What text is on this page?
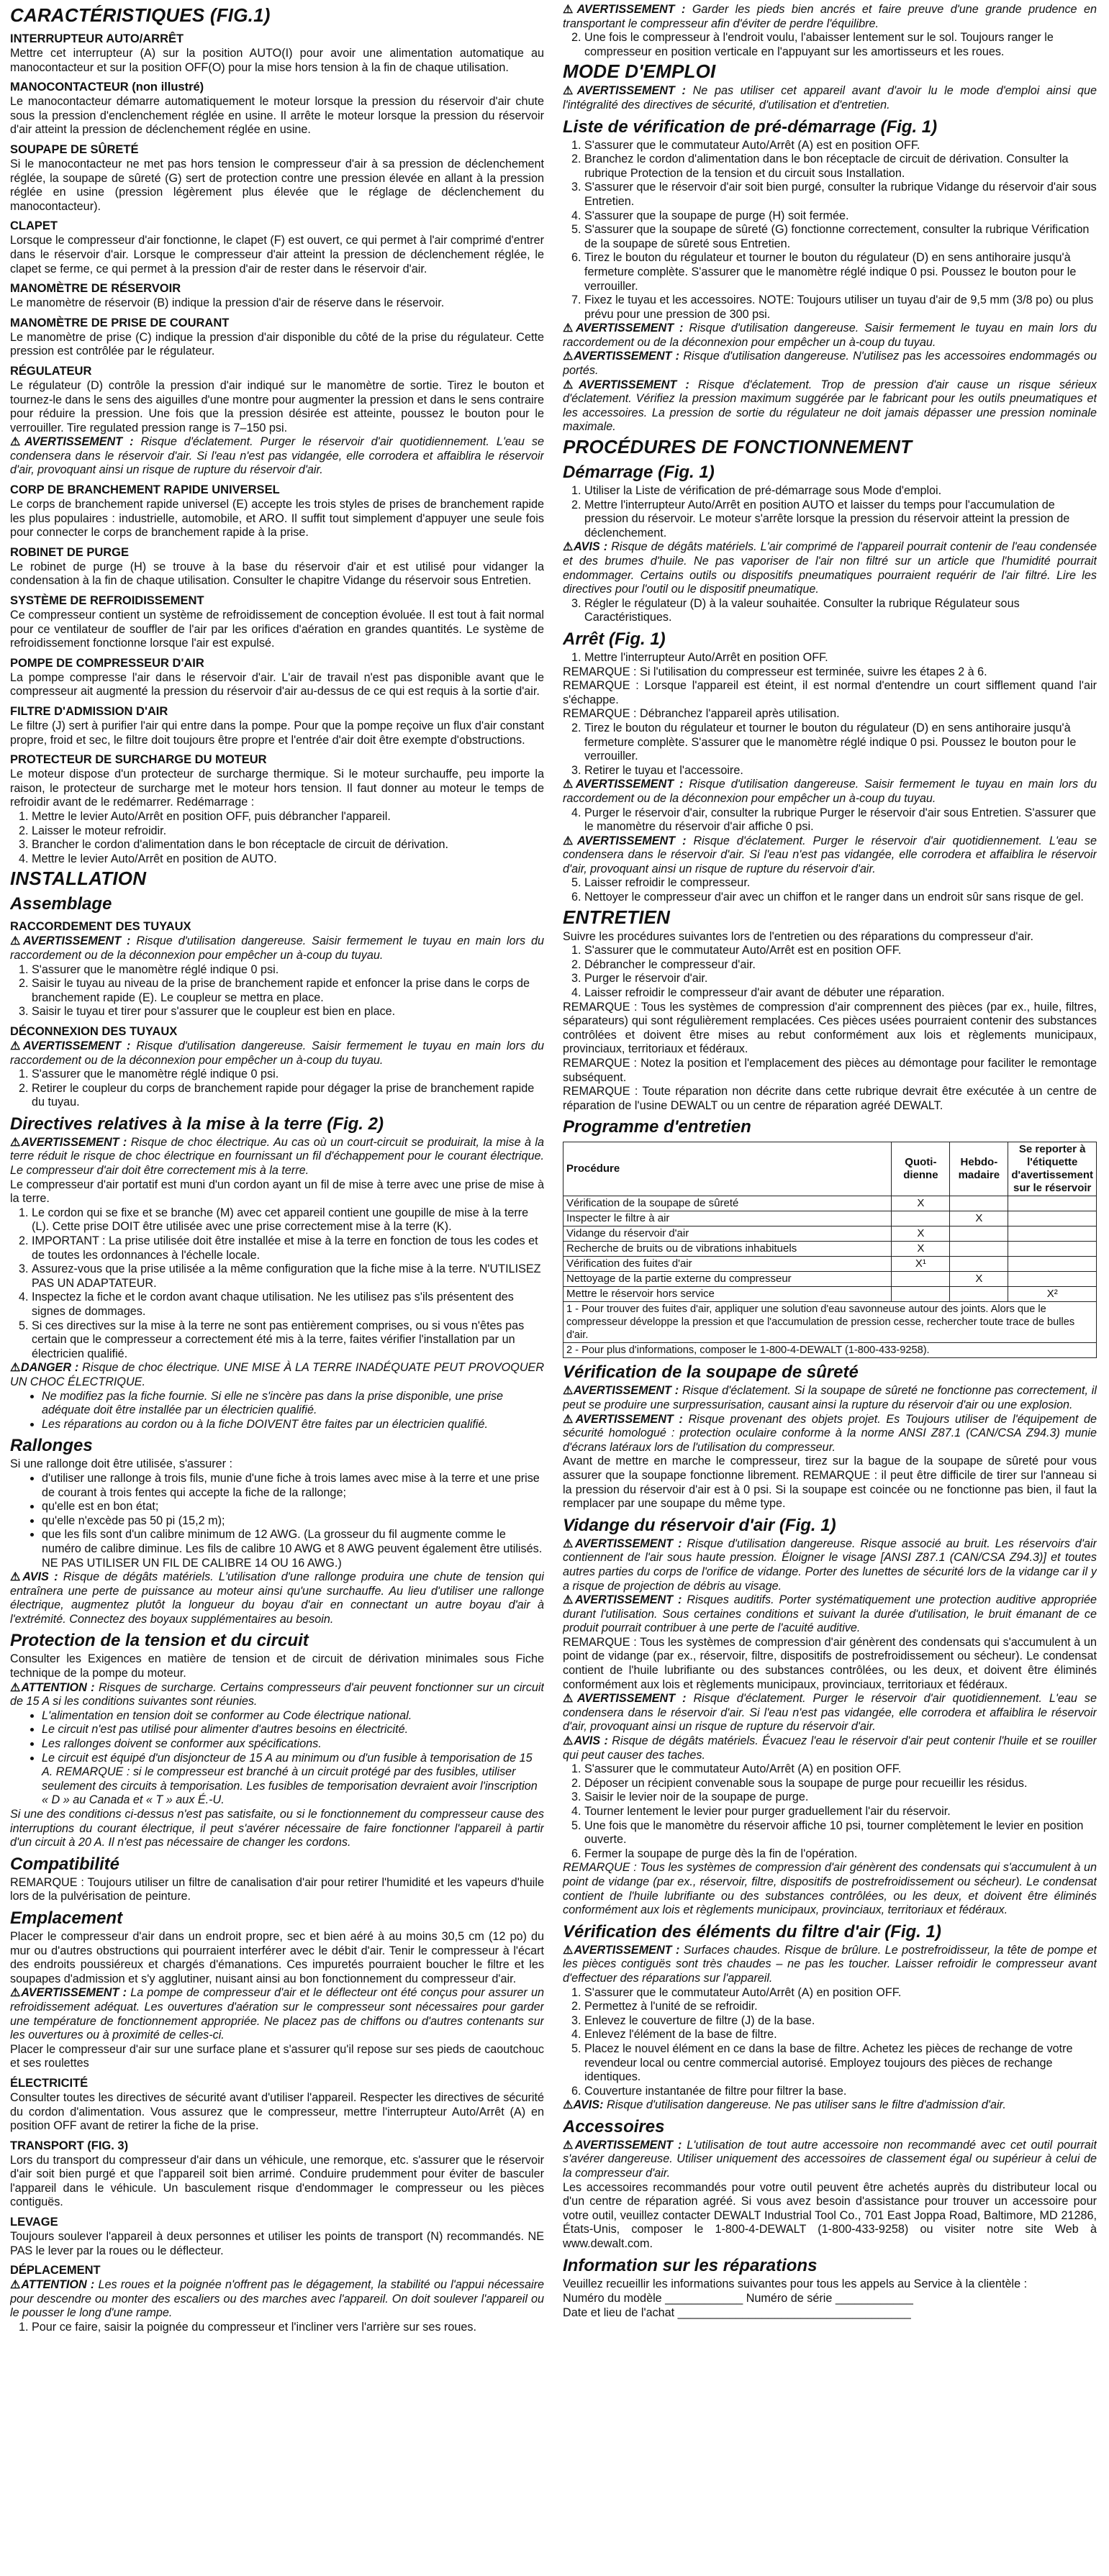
CARACTÉRISTIQUES (FIG.1)
INTERRUPTEUR AUTO/ARRÊT

Mettre cet interrupteur (A) sur la position AUTO(I) pour avoir une alimentation automatique au manocontacteur et sur la position OFF(O) pour la mise hors tension à la fin de chaque utilisation.

MANOCONTACTEUR (non illustré)

Le manocontacteur démarre automatiquement le moteur lorsque la pression du réservoir d'air chute sous la pression d'enclenchement réglée en usine. Il arrête le moteur lorsque la pression du réservoir d'air atteint la pression de déclenchement réglée en usine.

SOUPAPE DE SÛRETÉ

Si le manocontacteur ne met pas hors tension le compresseur d'air à sa pression de déclenchement réglée, la soupape de sûreté (G) sert de protection contre une pression élevée en allant à la pression réglée en usine (pression légèrement plus élevée que le réglage de déclenchement du manocontacteur).

CLAPET

Lorsque le compresseur d'air fonctionne, le clapet (F) est ouvert, ce qui permet à l'air comprimé d'entrer dans le réservoir d'air. Lorsque le compresseur d'air atteint la pression de déclenchement réglée, le clapet se ferme, ce qui permet à la pression d'air de rester dans le réservoir d'air.

MANOMÈTRE DE RÉSERVOIR

Le manomètre de réservoir (B) indique la pression d'air de réserve dans le réservoir.

MANOMÈTRE DE PRISE DE COURANT

Le manomètre de prise (C) indique la pression d'air disponible du côté de la prise du régulateur. Cette pression est contrôlée par le régulateur.

RÉGULATEUR

Le régulateur (D) contrôle la pression d'air indiqué sur le manomètre de sortie. Tirez le bouton et tournez-le dans le sens des aiguilles d'une montre pour augmenter la pression et dans le sens contraire pour réduire la pression. Une fois que la pression désirée est atteinte, poussez le bouton pour le verrouiller. Tire regulated pression range is 7–150 psi.

⚠AVERTISSEMENT : Risque d'éclatement. Purger le réservoir d'air quotidiennement. L'eau se condensera dans le réservoir d'air. Si l'eau n'est pas vidangée, elle corrodera et affaiblira le réservoir d'air, provoquant ainsi un risque de rupture du réservoir d'air.

CORP DE BRANCHEMENT RAPIDE UNIVERSEL

Le corps de branchement rapide universel (E) accepte les trois styles de prises de branchement rapide les plus populaires : industrielle, automobile, et ARO. Il suffit tout simplement d'appuyer une seule fois pour connecter le corps de branchement rapide à la prise.

ROBINET DE PURGE

Le robinet de purge (H) se trouve à la base du réservoir d'air et est utilisé pour vidanger la condensation à la fin de chaque utilisation. Consulter le chapitre Vidange du réservoir sous Entretien.

SYSTÈME DE REFROIDISSEMENT

Ce compresseur contient un système de refroidissement de conception évoluée. Il est tout à fait normal pour ce ventilateur de souffler de l'air par les orifices d'aération en grandes quantités. Le système de refroidissement fonctionne lorsque l'air est expulsé.

POMPE DE COMPRESSEUR D'AIR

La pompe compresse l'air dans le réservoir d'air. L'air de travail n'est pas disponible avant que le compresseur ait augmenté la pression du réservoir d'air au-dessus de ce qui est requis à la sortie d'air.

FILTRE D'ADMISSION D'AIR

Le filtre (J) sert à purifier l'air qui entre dans la pompe. Pour que la pompe reçoive un flux d'air constant propre, froid et sec, le filtre doit toujours être propre et l'entrée d'air doit être exempte d'obstructions.

PROTECTEUR DE SURCHARGE DU MOTEUR

Le moteur dispose d'un protecteur de surcharge thermique. Si le moteur surchauffe, peu importe la raison, le protecteur de surcharge met le moteur hors tension. Il faut donner au moteur le temps de refroidir avant de le redémarrer. Redémarrage :

1. Mettre le levier Auto/Arrêt en position OFF, puis débrancher l'appareil.
2. Laisser le moteur refroidir.
3. Brancher le cordon d'alimentation dans le bon réceptacle de circuit de dérivation.
4. Mettre le levier Auto/Arrêt en position de AUTO.
INSTALLATION
Assemblage
RACCORDEMENT DES TUYAUX

⚠AVERTISSEMENT : Risque d'utilisation dangereuse. Saisir fermement le tuyau en main lors du raccordement ou de la déconnexion pour empêcher un à-coup du tuyau.

1. S'assurer que le manomètre réglé indique 0 psi.
2. Saisir le tuyau au niveau de la prise de branchement rapide et enfoncer la prise dans le corps de branchement rapide (E). Le coupleur se mettra en place.
3. Saisir le tuyau et tirer pour s'assurer que le coupleur est bien en place.
DÉCONNEXION DES TUYAUX

⚠AVERTISSEMENT : Risque d'utilisation dangereuse. Saisir fermement le tuyau en main lors du raccordement ou de la déconnexion pour empêcher un à-coup du tuyau.

1. S'assurer que le manomètre réglé indique 0 psi.
2. Retirer le coupleur du corps de branchement rapide pour dégager la prise de branchement rapide du tuyau.
Directives relatives à la mise à la terre (Fig. 2)

⚠AVERTISSEMENT : Risque de choc électrique. Au cas où un court-circuit se produirait, la mise à la terre réduit le risque de choc électrique en fournissant un fil d'échappement pour le courant électrique. Le compresseur d'air doit être correctement mis à la terre.

Le compresseur d'air portatif est muni d'un cordon ayant un fil de mise à terre avec une prise de mise à la terre.

1. Le cordon qui se fixe et se branche (M) avec cet appareil contient une goupille de mise à la terre (L). Cette prise DOIT être utilisée avec une prise correctement mise à la terre (K).
2. IMPORTANT : La prise utilisée doit être installée et mise à la terre en fonction de tous les codes et de toutes les ordonnances à l'échelle locale.
3. Assurez-vous que la prise utilisée a la même configuration que la fiche mise à la terre. N'UTILISEZ PAS UN ADAPTATEUR.
4. Inspectez la fiche et le cordon avant chaque utilisation. Ne les utilisez pas s'ils présentent des signes de dommages.
5. Si ces directives sur la mise à la terre ne sont pas entièrement comprises, ou si vous n'êtes pas certain que le compresseur a correctement été mis à la terre, faites vérifier l'installation par un électricien qualifié.

⚠DANGER : Risque de choc électrique. UNE MISE À LA TERRE INADÉQUATE PEUT PROVOQUER UN CHOC ÉLECTRIQUE.

• Ne modifiez pas la fiche fournie. Si elle ne s'incère pas dans la prise disponible, une prise adéquate doit être installée par un électricien qualifié.
• Les réparations au cordon ou à la fiche DOIVENT être faites par un électricien qualifié.
Rallonges

Si une rallonge doit être utilisée, s'assurer :

• d'utiliser une rallonge à trois fils, munie d'une fiche à trois lames avec mise à la terre et une prise de courant à trois fentes qui accepte la fiche de la rallonge;
• qu'elle est en bon état;
• qu'elle n'excède pas 50 pi (15,2 m);
• que les fils sont d'un calibre minimum de 12 AWG. (La grosseur du fil augmente comme le numéro de calibre diminue. Les fils de calibre 10 AWG et 8 AWG peuvent également être utilisés. NE PAS UTILISER UN FIL DE CALIBRE 14 OU 16 AWG.)

⚠AVIS : Risque de dégâts matériels. L'utilisation d'une rallonge produira une chute de tension qui entraînera une perte de puissance au moteur ainsi qu'une surchauffe. Au lieu d'utiliser une rallonge électrique, augmentez plutôt la longueur du boyau d'air en connectant un autre boyau d'air à l'extrémité. Connectez des boyaux supplémentaires au besoin.

Protection de la tension et du circuit

Consulter les Exigences en matière de tension et de circuit de dérivation minimales sous Fiche technique de la pompe du moteur.

⚠ATTENTION : Risques de surcharge. Certains compresseurs d'air peuvent fonctionner sur un circuit de 15 A si les conditions suivantes sont réunies.

• L'alimentation en tension doit se conformer au Code électrique national.
• Le circuit n'est pas utilisé pour alimenter d'autres besoins en électricité.
• Les rallonges doivent se conformer aux spécifications.
• Le circuit est équipé d'un disjoncteur de 15 A au minimum ou d'un fusible à temporisation de 15 A. REMARQUE : si le compresseur est branché à un circuit protégé par des fusibles, utiliser seulement des circuits à temporisation. Les fusibles de temporisation devraient avoir l'inscription « D » au Canada et « T » aux É.-U.

Si une des conditions ci-dessus n'est pas satisfaite, ou si le fonctionnement du compresseur cause des interruptions du courant électrique, il peut s'avérer nécessaire de faire fonctionner l'appareil à partir d'un circuit à 20 A. Il n'est pas nécessaire de changer les cordons.

Compatibilité

REMARQUE : Toujours utiliser un filtre de canalisation d'air pour retirer l'humidité et les vapeurs d'huile lors de la pulvérisation de peinture.

Emplacement

Placer le compresseur d'air dans un endroit propre, sec et bien aéré à au moins 30,5 cm (12 po) du mur ou d'autres obstructions qui pourraient interférer avec le débit d'air. Tenir le compresseur à l'écart des endroits poussiéreux et chargés d'émanations. Ces impuretés pourraient boucher le filtre et les soupapes d'admission et s'y agglutiner, nuisant ainsi au bon fonctionnement du compresseur d'air.

⚠AVERTISSEMENT : La pompe de compresseur d'air et le déflecteur ont été conçus pour assurer un refroidissement adéquat. Les ouvertures d'aération sur le compresseur sont nécessaires pour garder une température de fonctionnement appropriée. Ne placez pas de chiffons ou d'autres contenants sur les ouvertures ou à proximité de celles-ci.

Placer le compresseur d'air sur une surface plane et s'assurer qu'il repose sur ses pieds de caoutchouc et ses roulettes

ÉLECTRICITÉ

Consulter toutes les directives de sécurité avant d'utiliser l'appareil. Respecter les directives de sécurité du cordon d'alimentation. Vous assurez que le compresseur, mettre l'interrupteur Auto/Arrêt (A) en position OFF avant de retirer la fiche de la prise.

TRANSPORT (FIG. 3)

Lors du transport du compresseur d'air dans un véhicule, une remorque, etc. s'assurer que le réservoir d'air soit bien purgé et que l'appareil soit bien arrimé. Conduire prudemment pour éviter de basculer l'appareil dans le véhicule. Un basculement risque d'endommager le compresseur ou les pièces contiguës.

LEVAGE

Toujours soulever l'appareil à deux personnes et utiliser les points de transport (N) recommandés. NE PAS le lever par la roues ou le déflecteur.

DÉPLACEMENT

⚠ATTENTION : Les roues et la poignée n'offrent pas le dégagement, la stabilité ou l'appui nécessaire pour descendre ou monter des escaliers ou des marches avec l'appareil. On doit soulever l'appareil ou le pousser le long d'une rampe.

1. Pour ce faire, saisir la poignée du compresseur et l'incliner vers l'arrière sur ses roues.

⚠AVERTISSEMENT : Garder les pieds bien ancrés et faire preuve d'une grande prudence en transportant le compresseur afin d'éviter de perdre l'équilibre.

2. Une fois le compresseur à l'endroit voulu, l'abaisser lentement sur le sol. Toujours ranger le compresseur en position verticale en l'appuyant sur les amortisseurs et les roues.
MODE D'EMPLOI

⚠AVERTISSEMENT : Ne pas utiliser cet appareil avant d'avoir lu le mode d'emploi ainsi que l'intégralité des directives de sécurité, d'utilisation et d'entretien.

Liste de vérification de pré-démarrage (Fig. 1)
1. S'assurer que le commutateur Auto/Arrêt (A) est en position OFF.
2. Branchez le cordon d'alimentation dans le bon réceptacle de circuit de dérivation. Consulter la rubrique Protection de la tension et du circuit sous Installation.
3. S'assurer que le réservoir d'air soit bien purgé, consulter la rubrique Vidange du réservoir d'air sous Entretien.
4. S'assurer que la soupape de purge (H) soit fermée.
5. S'assurer que la soupape de sûreté (G) fonctionne correctement, consulter la rubrique Vérification de la soupape de sûreté sous Entretien.
6. Tirez le bouton du régulateur et tourner le bouton du régulateur (D) en sens antihoraire jusqu'à fermeture complète. S'assurer que le manomètre réglé indique 0 psi. Poussez le bouton pour le verrouiller.
7. Fixez le tuyau et les accessoires. NOTE: Toujours utiliser un tuyau d'air de 9,5 mm (3/8 po) ou plus prévu pour une pression de 300 psi.

⚠AVERTISSEMENT : Risque d'utilisation dangereuse. Saisir fermement le tuyau en main lors du raccordement ou de la déconnexion pour empêcher un à-coup du tuyau.

⚠AVERTISSEMENT : Risque d'utilisation dangereuse. N'utilisez pas les accessoires endommagés ou portés.

⚠AVERTISSEMENT : Risque d'éclatement. Trop de pression d'air cause un risque sérieux d'éclatement. Vérifiez la pression maximum suggérée par le fabricant pour les outils pneumatiques et les accessoires. La pression de sortie du régulateur ne doit jamais dépasser une pression nominale maximale.

PROCÉDURES DE FONCTIONNEMENT
Démarrage (Fig. 1)
1. Utiliser la Liste de vérification de pré-démarrage sous Mode d'emploi.
2. Mettre l'interrupteur Auto/Arrêt en position AUTO et laisser du temps pour l'accumulation de pression du réservoir. Le moteur s'arrête lorsque la pression du réservoir atteint la pression de déclenchement.

⚠AVIS : Risque de dégâts matériels. L'air comprimé de l'appareil pourrait contenir de l'eau condensée et des brumes d'huile. Ne pas vaporiser de l'air non filtré sur un article que l'humidité pourrait endommager. Certains outils ou dispositifs pneumatiques pourraient requérir de l'air filtré. Lire les directives pour l'outil ou le dispositif pneumatique.

3. Régler le régulateur (D) à la valeur souhaitée. Consulter la rubrique Régulateur sous Caractéristiques.
Arrêt (Fig. 1)
1. Mettre l'interrupteur Auto/Arrêt en position OFF.

REMARQUE : Si l'utilisation du compresseur est terminée, suivre les étapes 2 à 6.

REMARQUE : Lorsque l'appareil est éteint, il est normal d'entendre un court sifflement quand l'air s'échappe.

REMARQUE : Débranchez l'appareil après utilisation.

2. Tirez le bouton du régulateur et tourner le bouton du régulateur (D) en sens antihoraire jusqu'à fermeture complète. S'assurer que le manomètre réglé indique 0 psi. Poussez le bouton pour le verrouiller.
3. Retirer le tuyau et l'accessoire.

⚠AVERTISSEMENT : Risque d'utilisation dangereuse. Saisir fermement le tuyau en main lors du raccordement ou de la déconnexion pour empêcher un à-coup du tuyau.

4. Purger le réservoir d'air, consulter la rubrique Purger le réservoir d'air sous Entretien. S'assurer que le manomètre du réservoir d'air affiche 0 psi.

⚠AVERTISSEMENT : Risque d'éclatement. Purger le réservoir d'air quotidiennement. L'eau se condensera dans le réservoir d'air. Si l'eau n'est pas vidangée, elle corrodera et affaiblira le réservoir d'air, provoquant ainsi un risque de rupture du réservoir d'air.

5. Laisser refroidir le compresseur.
6. Nettoyer le compresseur d'air avec un chiffon et le ranger dans un endroit sûr sans risque de gel.
ENTRETIEN

Suivre les procédures suivantes lors de l'entretien ou des réparations du compresseur d'air.

1. S'assurer que le commutateur Auto/Arrêt est en position OFF.
2. Débrancher le compresseur d'air.
3. Purger le réservoir d'air.
4. Laisser refroidir le compresseur d'air avant de débuter une réparation.

REMARQUE : Tous les systèmes de compression d'air comprennent des pièces (par ex., huile, filtres, séparateurs) qui sont régulièrement remplacées. Ces pièces usées pourraient contenir des substances contrôlées et doivent être mises au rebut conformément aux lois et règlements municipaux, provinciaux, territoriaux et fédéraux.

REMARQUE : Notez la position et l'emplacement des pièces au démontage pour faciliter le remontage subséquent.

REMARQUE : Toute réparation non décrite dans cette rubrique devrait être exécutée à un centre de réparation de l'usine DEWALT ou un centre de réparation agréé DEWALT.

Programme d'entretien
Procédure	Quoti-dienne	Hebdo-madaire	Se reporter à l'étiquette d'avertissement sur le réservoir
Vérification de la soupape de sûreté	X		
Inspecter le filtre à air		X	
Vidange du réservoir d'air	X		
Recherche de bruits ou de vibrations inhabituels	X		
Vérification des fuites d'air	X¹		
Nettoyage de la partie externe du compresseur		X	
Mettre le réservoir hors service			X²
1 - Pour trouver des fuites d'air, appliquer une solution d'eau savonneuse autour des joints. Alors que le compresseur développe la pression et que l'accumulation de pression cesse, rechercher toute trace de bulles d'air.			
2 - Pour plus d'informations, composer le 1-800-4-DEWALT (1-800-433-9258).			
Vérification de la soupape de sûreté

⚠AVERTISSEMENT : Risque d'éclatement. Si la soupape de sûreté ne fonctionne pas correctement, il peut se produire une surpressurisation, causant ainsi la rupture du réservoir d'air ou une explosion.

⚠AVERTISSEMENT : Risque provenant des objets projet. Es Toujours utiliser de l'équipement de sécurité homologué : protection oculaire conforme à la norme ANSI Z87.1 (CAN/CSA Z94.3) munie d'écrans latéraux lors de l'utilisation du compresseur.

Avant de mettre en marche le compresseur, tirez sur la bague de la soupape de sûreté pour vous assurer que la soupape fonctionne librement. REMARQUE : il peut être difficile de tirer sur l'anneau si la pression du réservoir d'air est à 0 psi. Si la soupape est coincée ou ne fonctionne pas bien, il faut la remplacer par une soupape du même type.

Vidange du réservoir d'air (Fig. 1)

⚠AVERTISSEMENT : Risque d'utilisation dangereuse. Risque associé au bruit. Les réservoirs d'air contiennent de l'air sous haute pression. Éloigner le visage [ANSI Z87.1 (CAN/CSA Z94.3)] et toutes autres parties du corps de l'orifice de vidange. Porter des lunettes de sécurité lors de la vidange car il y a risque de projection de débris au visage.

⚠AVERTISSEMENT : Risques auditifs. Porter systématiquement une protection auditive appropriée durant l'utilisation. Sous certaines conditions et suivant la durée d'utilisation, le bruit émanant de ce produit pourrait contribuer à une perte de l'acuité auditive.

REMARQUE : Tous les systèmes de compression d'air génèrent des condensats qui s'accumulent à un point de vidange (par ex., réservoir, filtre, dispositifs de postrefroidissement ou sécheur). Le condensat contient de l'huile lubrifiante ou des substances contrôlées, ou les deux, et doivent être éliminés conformément aux lois et règlements municipaux, provinciaux, territoriaux et fédéraux.

⚠AVERTISSEMENT : Risque d'éclatement. Purger le réservoir d'air quotidiennement. L'eau se condensera dans le réservoir d'air. Si l'eau n'est pas vidangée, elle corrodera et affaiblira le réservoir d'air, provoquant ainsi un risque de rupture du réservoir d'air.

⚠AVIS : Risque de dégâts matériels. Évacuez l'eau le réservoir d'air peut contenir l'huile et se rouiller qui peut causer des taches.

1. S'assurer que le commutateur Auto/Arrêt (A) en position OFF.
2. Déposer un récipient convenable sous la soupape de purge pour recueillir les résidus.
3. Saisir le levier noir de la soupape de purge.
4. Tourner lentement le levier pour purger graduellement l'air du réservoir.
5. Une fois que le manomètre du réservoir affiche 10 psi, tourner complètement le levier en position ouverte.
6. Fermer la soupape de purge dès la fin de l'opération.

REMARQUE : Tous les systèmes de compression d'air génèrent des condensats qui s'accumulent à un point de vidange (par ex., réservoir, filtre, dispositifs de postrefroidissement ou sécheur). Le condensat contient de l'huile lubrifiante ou des substances contrôlées, ou les deux, et doivent être éliminés conformément aux lois et règlements municipaux, provinciaux, territoriaux et fédéraux.

Vérification des éléments du filtre d'air (Fig. 1)

⚠AVERTISSEMENT : Surfaces chaudes. Risque de brûlure. Le postrefroidisseur, la tête de pompe et les pièces contiguës sont très chaudes – ne pas les toucher. Laisser refroidir le compresseur avant d'effectuer des réparations sur l'appareil.

1. S'assurer que le commutateur Auto/Arrêt (A) en position OFF.
2. Permettez à l'unité de se refroidir.
3. Enlevez le couverture de filtre (J) de la base.
4. Enlevez l'élément de la base de filtre.
5. Placez le nouvel élément en ce dans la base de filtre. Achetez les pièces de rechange de votre revendeur local ou centre commercial autorisé. Employez toujours des pièces de rechange identiques.
6. Couverture instantanée de filtre pour filtrer la base.

⚠AVIS: Risque d'utilisation dangereuse. Ne pas utiliser sans le filtre d'admission d'air.

Accessoires

⚠AVERTISSEMENT : L'utilisation de tout autre accessoire non recommandé avec cet outil pourrait s'avérer dangereuse. Utiliser uniquement des accessoires de classement égal ou supérieur à celui de la compresseur d'air.

Les accessoires recommandés pour votre outil peuvent être achetés auprès du distributeur local ou d'un centre de réparation agréé. Si vous avez besoin d'assistance pour trouver un accessoire pour votre outil, veuillez contacter DEWALT Industrial Tool Co., 701 East Joppa Road, Baltimore, MD 21286, États-Unis, composer le 1-800-4-DEWALT (1-800-433-9258) ou visiter notre site Web à www.dewalt.com.

Information sur les réparations

Veuillez recueillir les informations suivantes pour tous les appels au Service à la clientèle :

Numéro du modèle ____________ Numéro de série ____________

Date et lieu de l'achat ____________________________________
